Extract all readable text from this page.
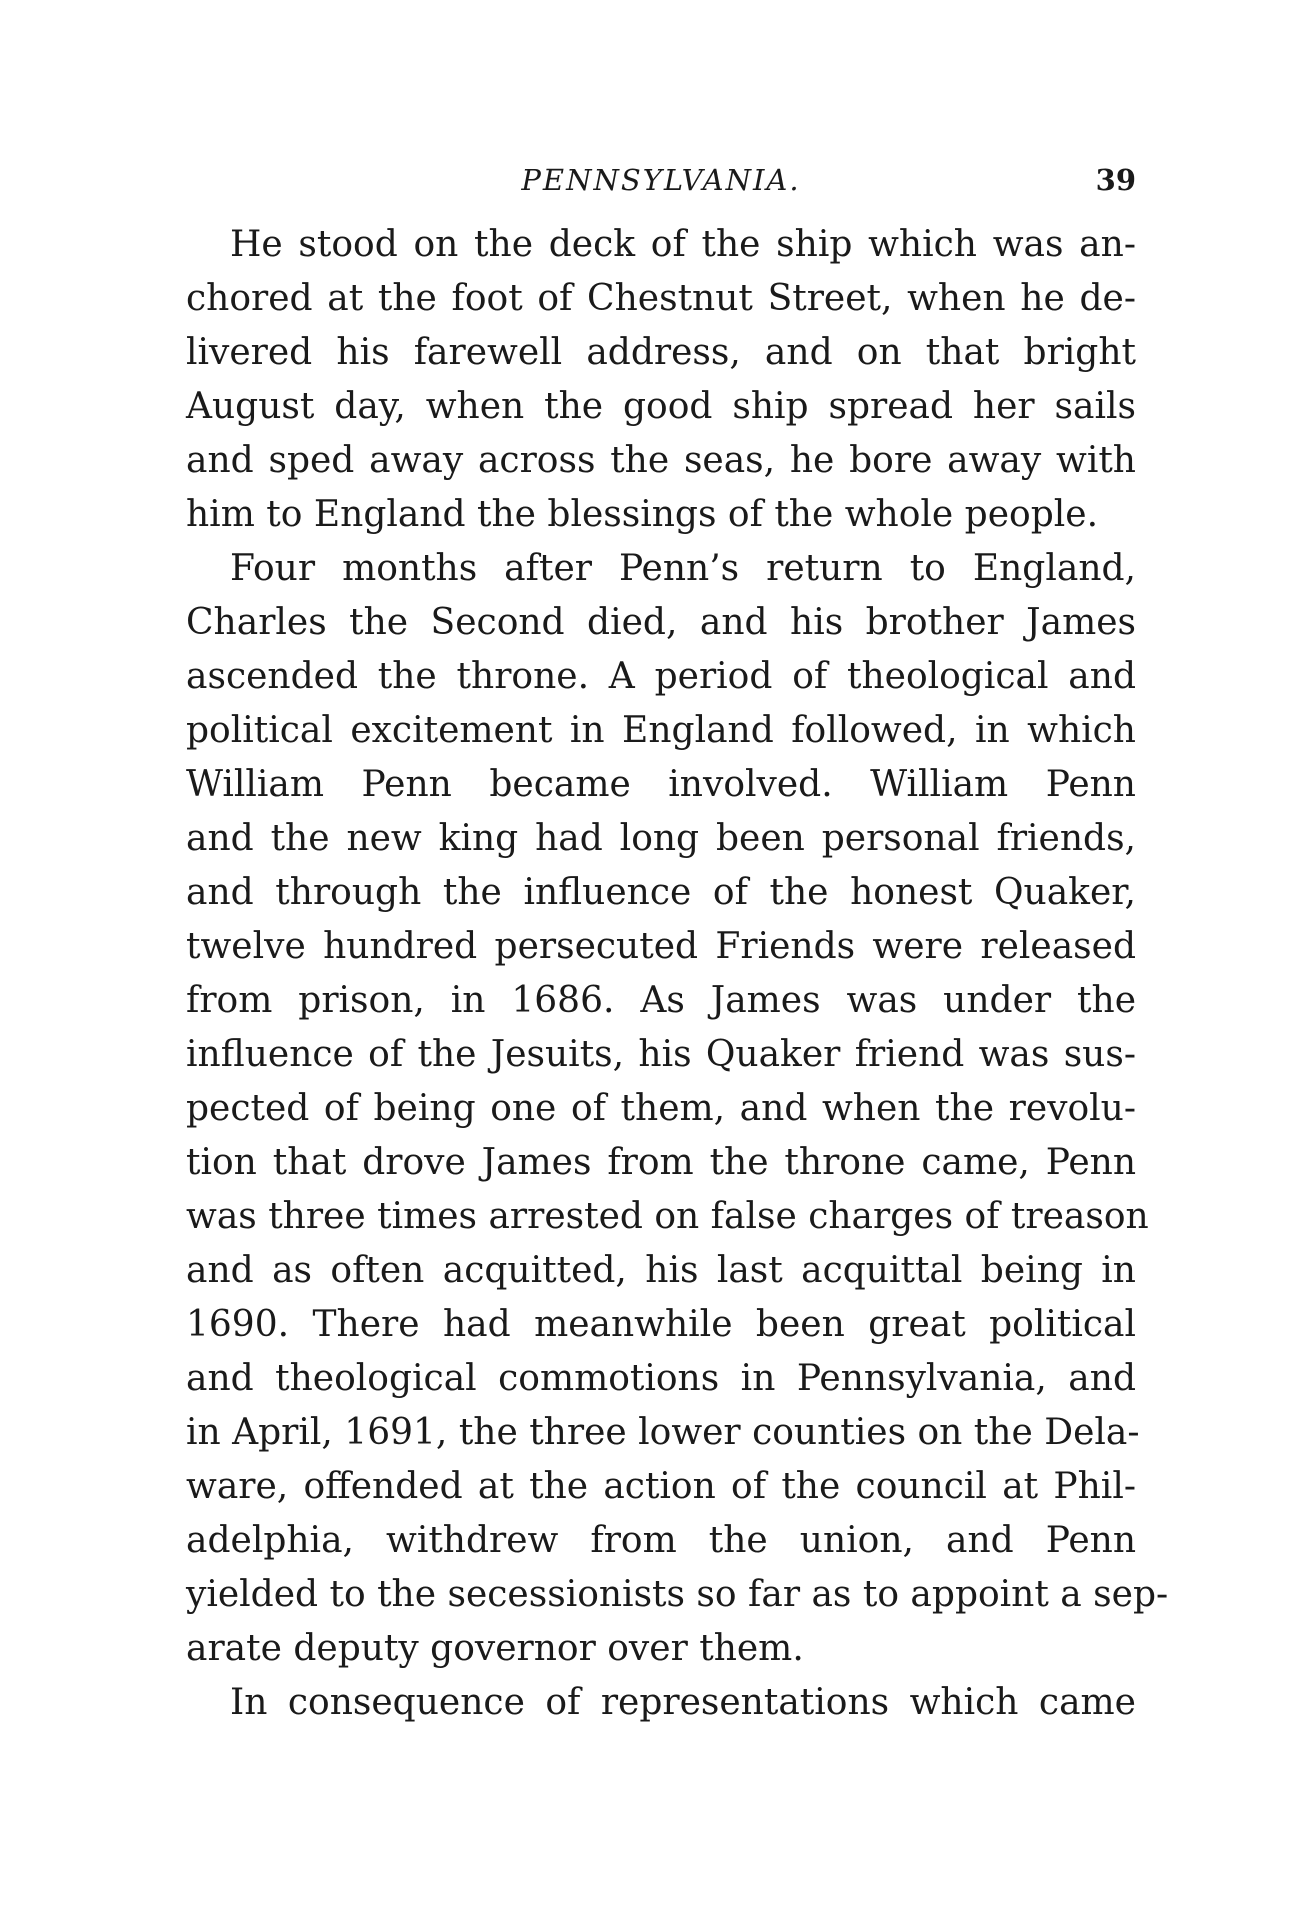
PENNSYLVANIA.	39
He stood on the deck of the ship which was an-
chored at the foot of Chestnut Street, when he de-
livered his farewell address, and on that bright
August day, when the good ship spread her sails
and sped away across the seas, he bore away with
him to England the blessings of the whole people.
Four months after Penn’s return to England,
Charles the Second died, and his brother James
ascended the throne. A period of theological and
political excitement in England followed, in which
William Penn became involved. William Penn
and the new king had long been personal friends,
and through the influence of the honest Quaker,
twelve hundred persecuted Friends were released
from prison, in 1686. As James was under the
influence of the Jesuits, his Quaker friend was sus-
pected of being one of them, and when the revolu-
tion that drove James from the throne came, Penn
was three times arrested on false charges of treason
and as often acquitted, his last acquittal being in
1690. There had meanwhile been great political
and theological commotions in Pennsylvania, and
in April, 1691, the three lower counties on the Dela-
ware, offended at the action of the council at Phil-
adelphia, withdrew from the union, and Penn
yielded to the secessionists so far as to appoint a sep-
arate deputy governor over them.
In consequence of representations which came
